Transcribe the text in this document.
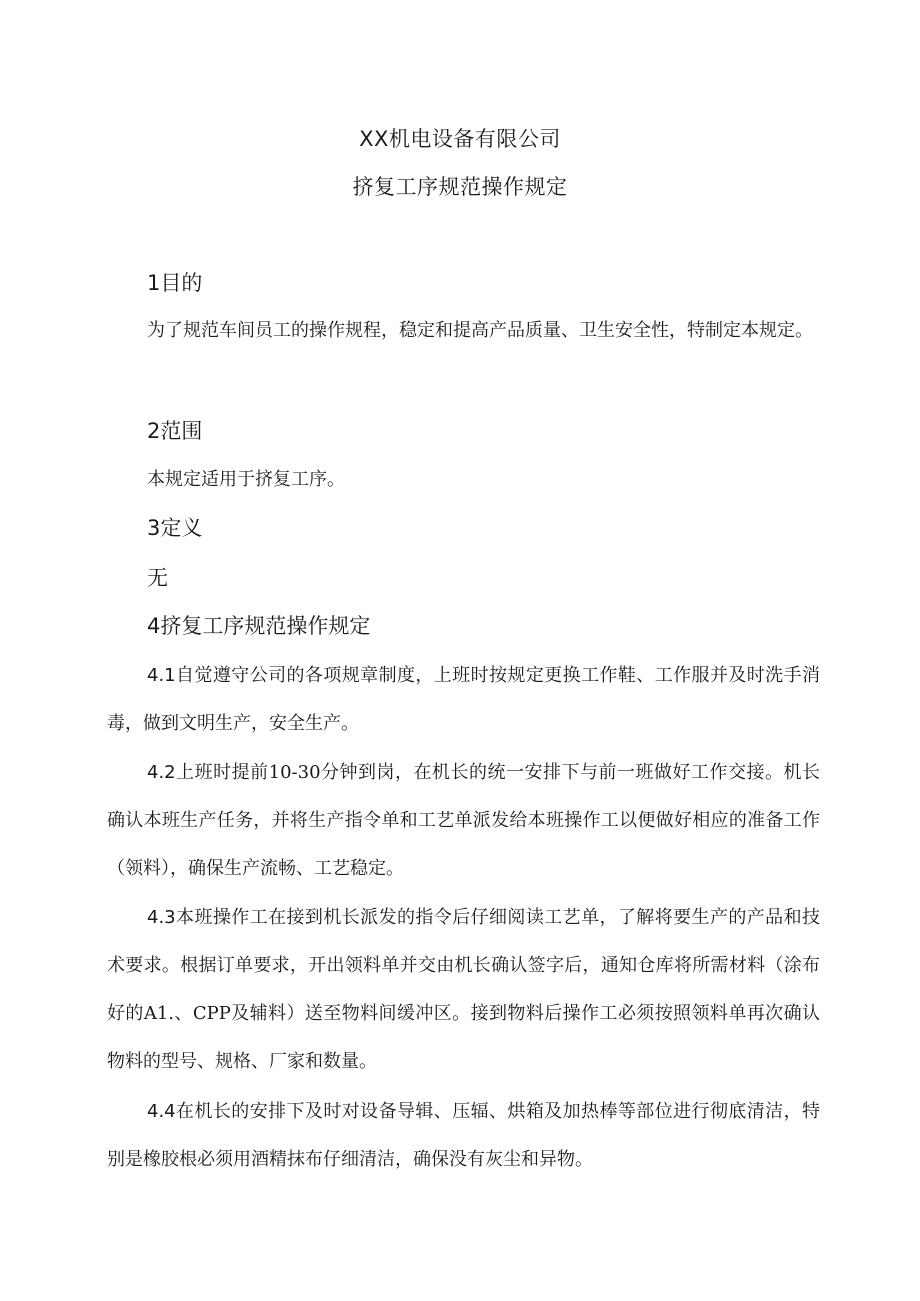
XX机电设备有限公司
挤复工序规范操作规定
1目的
为了规范车间员工的操作规程，稳定和提高产品质量、卫生安全性，特制定本规定。
2范围
本规定适用于挤复工序。
3定义
无
4挤复工序规范操作规定
4.1自觉遵守公司的各项规章制度，上班时按规定更换工作鞋、工作服并及时洗手消毒，做到文明生产，安全生产。
4.2上班时提前10-30分钟到岗，在机长的统一安排下与前一班做好工作交接。机长确认本班生产任务，并将生产指令单和工艺单派发给本班操作工以便做好相应的准备工作（领料），确保生产流畅、工艺稳定。
4.3本班操作工在接到机长派发的指令后仔细阅读工艺单，了解将要生产的产品和技术要求。根据订单要求，开出领料单并交由机长确认签字后，通知仓库将所需材料（涂布好的A1.、CPP及辅料）送至物料间缓冲区。接到物料后操作工必须按照领料单再次确认物料的型号、规格、厂家和数量。
4.4在机长的安排下及时对设备导辑、压辐、烘箱及加热棒等部位进行彻底清洁，特别是橡胶根必须用酒精抹布仔细清洁，确保没有灰尘和异物。
